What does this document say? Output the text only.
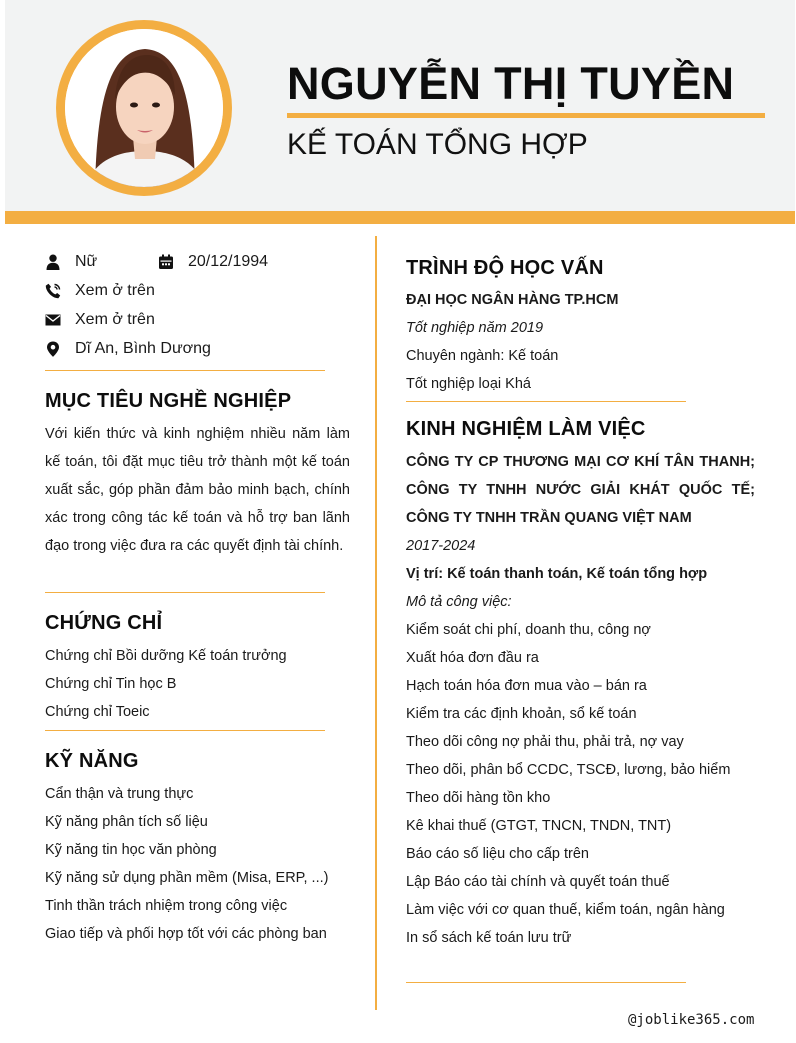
NGUYỄN THỊ TUYỀN
KẾ TOÁN TỔNG HỢP
Nữ	20/12/1994
Xem ở trên
Xem ở trên
Dĩ An, Bình Dương
MỤC TIÊU NGHỀ NGHIỆP

Với kiến thức và kinh nghiệm nhiều năm làm kế toán, tôi đặt mục tiêu trở thành một kế toán xuất sắc, góp phần đảm bảo minh bạch, chính xác trong công tác kế toán và hỗ trợ ban lãnh đạo trong việc đưa ra các quyết định tài chính.

CHỨNG CHỈ
Chứng chỉ Bồi dưỡng Kế toán trưởng
Chứng chỉ Tin học B
Chứng chỉ Toeic
KỸ NĂNG
Cẩn thận và trung thực
Kỹ năng phân tích số liệu
Kỹ năng tin học văn phòng
Kỹ năng sử dụng phần mềm (Misa, ERP, ...)
Tinh thần trách nhiệm trong công việc
Giao tiếp và phối hợp tốt với các phòng ban
TRÌNH ĐỘ HỌC VẤN
ĐẠI HỌC NGÂN HÀNG TP.HCM
Tốt nghiệp năm 2019
Chuyên ngành: Kế toán
Tốt nghiệp loại Khá
KINH NGHIỆM LÀM VIỆC
CÔNG TY CP THƯƠNG MẠI CƠ KHÍ TÂN THANH; CÔNG TY TNHH NƯỚC GIẢI KHÁT QUỐC TẾ; CÔNG TY TNHH TRẦN QUANG VIỆT NAM
2017-2024
Vị trí: Kế toán thanh toán, Kế toán tổng hợp
Mô tả công việc:
Kiểm soát chi phí, doanh thu, công nợ
Xuất hóa đơn đầu ra
Hạch toán hóa đơn mua vào – bán ra
Kiểm tra các định khoản, sổ kế toán
Theo dõi công nợ phải thu, phải trả, nợ vay
Theo dõi, phân bổ CCDC, TSCĐ, lương, bảo hiểm
Theo dõi hàng tồn kho
Kê khai thuế (GTGT, TNCN, TNDN, TNT)
Báo cáo số liệu cho cấp trên
Lập Báo cáo tài chính và quyết toán thuế
Làm việc với cơ quan thuế, kiểm toán, ngân hàng
In sổ sách kế toán lưu trữ
@joblike365.com
